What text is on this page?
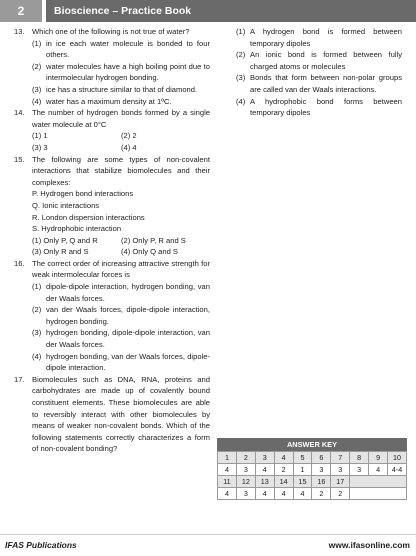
2	Bioscience – Practice Book
13. Which one of the following is not true of water?
(1) in ice each water molecule is bonded to four others.
(2) water molecules have a high boiling point due to intermolecular hydrogen bonding.
(3) ice has a structure similar to that of diamond.
(4) water has a maximum density at 1ºC.
14. The number of hydrogen bonds formed by a single water molecule at 0°C
(1) 1	(2) 2
(3) 3	(4) 4
15. The following are some types of non-covalent interactions that stabilize biomolecules and their complexes:
P. Hydrogen bond interactions
Q. Ionic interactions
R. London dispersion interactions
S. Hydrophobic interaction
(1) Only P, Q and R	(2) Only P, R and S
(3) Only R and S	(4) Only Q and S
16. The correct order of increasing attractive strength for weak intermolecular forces is
(1) dipole-dipole interaction, hydrogen bonding, van der Waals forces.
(2) van der Waals forces, dipole-dipole interaction, hydrogen bonding.
(3) hydrogen bonding, dipole-dipole interaction, van der Waals forces.
(4) hydrogen bonding, van der Waals forces, dipole-dipole interaction.
17. Biomolecules such as DNA, RNA, proteins and carbohydrates are made up of covalently bound constituent elements. These biomolecules are able to reversibly interact with other biomolecules by means of weaker non-covalent bonds. Which of the following statements correctly characterizes a form of non-covalent bonding?
(1) A hydrogen bond is formed between temporary dipoles
(2) An ionic bond is formed between fully charged atoms or molecules
(3) Bonds that form between non-polar groups are called van der Waals interactions.
(4) A hydrophobic bond forms between temporary dipoles
ANSWER KEY
1	2	3	4	5	6	7	8	9	10
4	3	4	2	1	3	3	3	4	4-4
11	12	13	14	15	16	17			
4	3	4	4	4	2	2			
IFAS Publications	www.ifasonline.com
